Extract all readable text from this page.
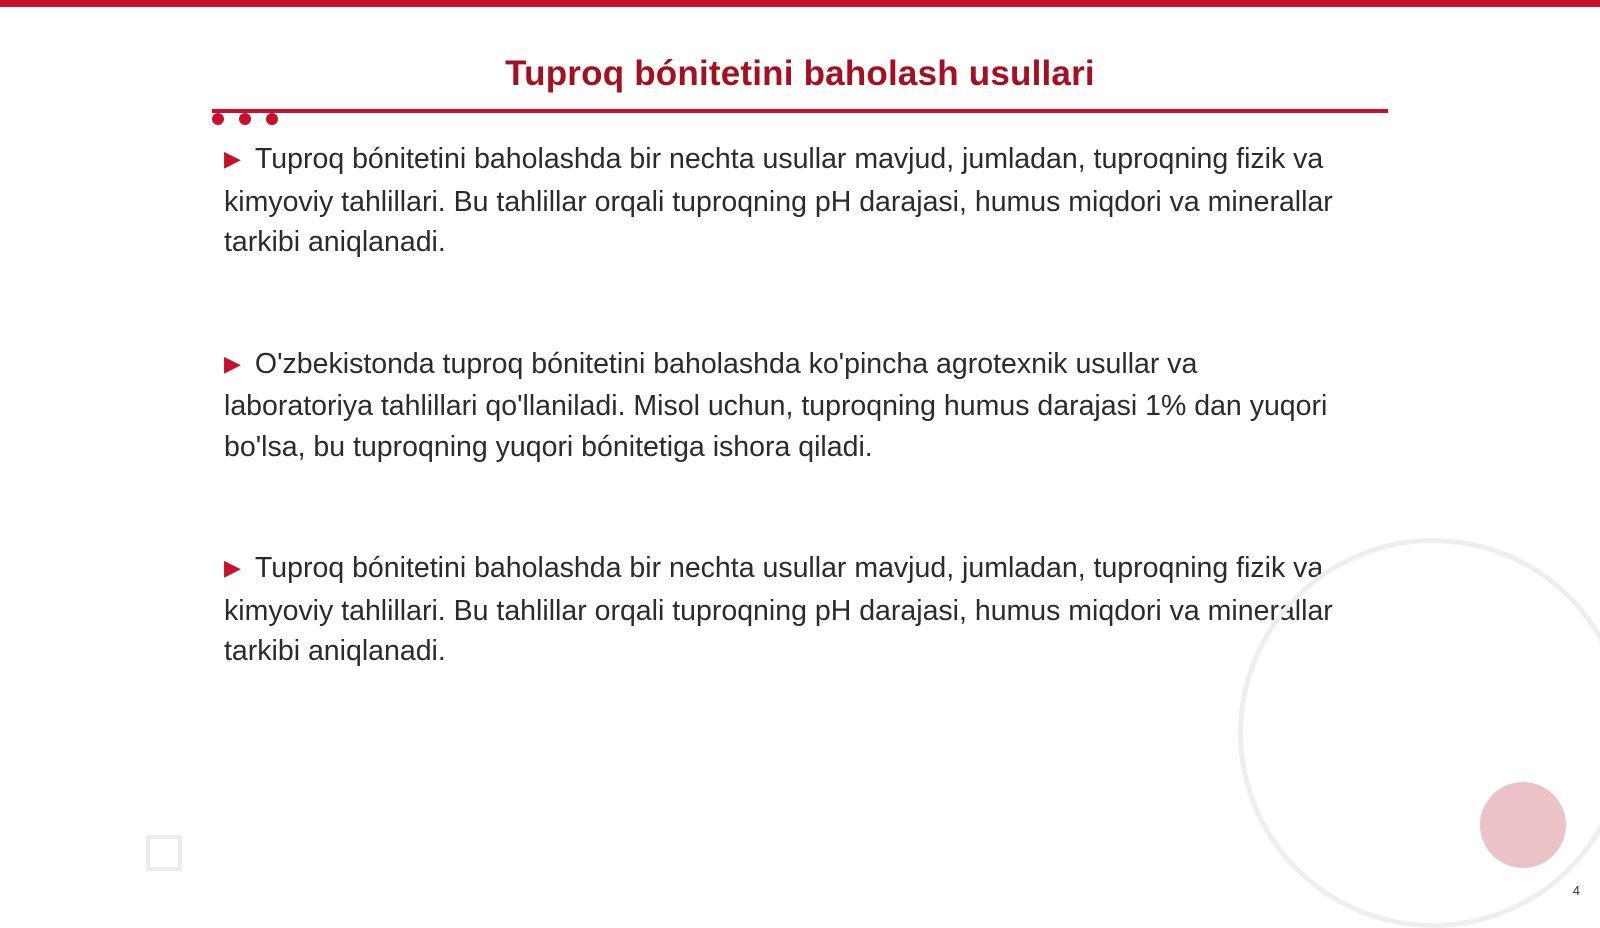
Tuproq bónitetini baholash usullari

▶ Tuproq bónitetini baholashda bir nechta usullar mavjud, jumladan, tuproqning fizik va kimyoviy tahlillari. Bu tahlillar orqali tuproqning pH darajasi, humus miqdori va minerallar tarkibi aniqlanadi.

▶ O'zbekistonda tuproq bónitetini baholashda ko'pincha agrotexnik usullar va laboratoriya tahlillari qo'llaniladi. Misol uchun, tuproqning humus darajasi 1% dan yuqori bo'lsa, bu tuproqning yuqori bónitetiga ishora qiladi.

▶ Tuproq bónitetini baholashda bir nechta usullar mavjud, jumladan, tuproqning fizik va kimyoviy tahlillari. Bu tahlillar orqali tuproqning pH darajasi, humus miqdori va minerallar tarkibi aniqlanadi.

4
